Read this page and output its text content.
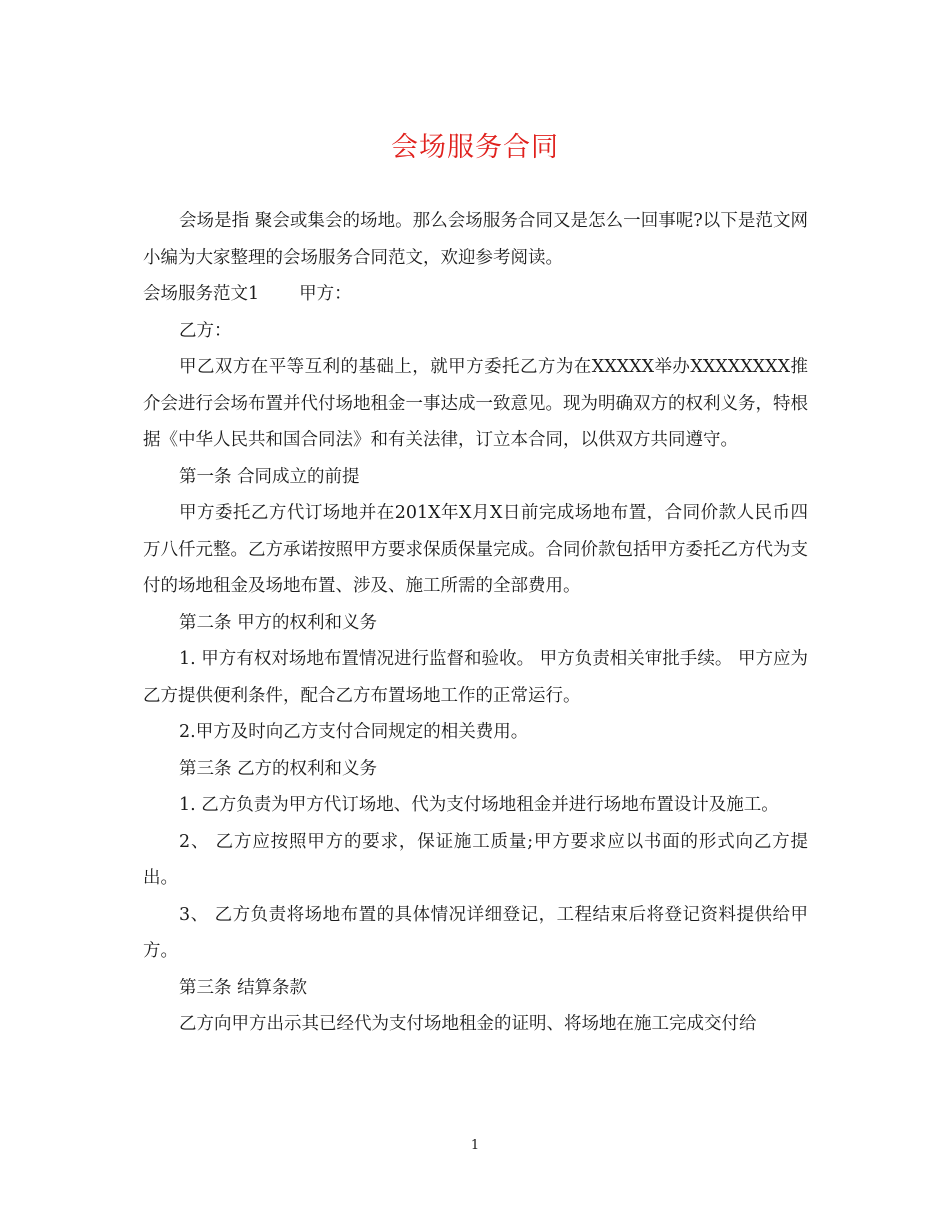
会场服务合同

会场是指 聚会或集会的场地。那么会场服务合同又是怎么一回事呢?以下是范文网小编为大家整理的会场服务合同范文，欢迎参考阅读。

会场服务范文1 甲方：

乙方：

甲乙双方在平等互利的基础上，就甲方委托乙方为在XXXXX举办XXXXXXXX推介会进行会场布置并代付场地租金一事达成一致意见。现为明确双方的权利义务，特根据《中华人民共和国合同法》和有关法律，订立本合同，以供双方共同遵守。

第一条 合同成立的前提

甲方委托乙方代订场地并在201X年X月X日前完成场地布置，合同价款人民币四万八仟元整。乙方承诺按照甲方要求保质保量完成。合同价款包括甲方委托乙方代为支付的场地租金及场地布置、涉及、施工所需的全部费用。

第二条 甲方的权利和义务

1. 甲方有权对场地布置情况进行监督和验收。 甲方负责相关审批手续。 甲方应为乙方提供便利条件，配合乙方布置场地工作的正常运行。

2.甲方及时向乙方支付合同规定的相关费用。

第三条 乙方的权利和义务

1. 乙方负责为甲方代订场地、代为支付场地租金并进行场地布置设计及施工。

2、 乙方应按照甲方的要求，保证施工质量;甲方要求应以书面的形式向乙方提出。

3、 乙方负责将场地布置的具体情况详细登记，工程结束后将登记资料提供给甲方。

第三条 结算条款

乙方向甲方出示其已经代为支付场地租金的证明、将场地在施工完成交付给

1
